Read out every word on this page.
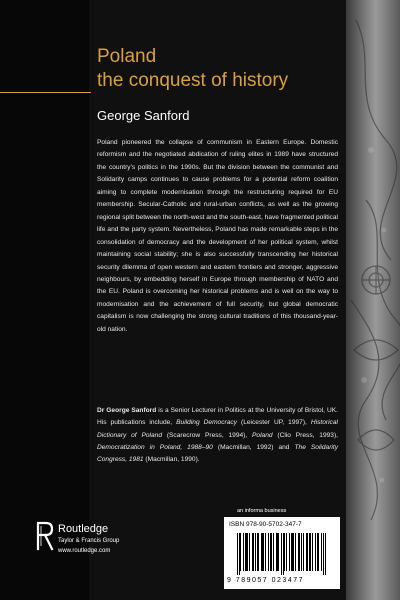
Poland
the conquest of history
George Sanford

Poland pioneered the collapse of communism in Eastern Europe. Domestic reformism and the negotiated abdication of ruling elites in 1989 have structured the country's politics in the 1990s. But the division between the communist and Solidarity camps continues to cause problems for a potential reform coalition aiming to complete modernisation through the restructuring required for EU membership. Secular-Catholic and rural-urban conflicts, as well as the growing regional split between the north-west and the south-east, have fragmented political life and the party system. Nevertheless, Poland has made remarkable steps in the consolidation of democracy and the development of her political system, whilst maintaining social stability; she is also successfully transcending her historical security dilemma of open western and eastern frontiers and stronger, aggressive neighbours, by embedding herself in Europe through membership of NATO and the EU. Poland is overcoming her historical problems and is well on the way to modernisation and the achievement of full security, but global democratic capitalism is now challenging the strong cultural traditions of this thousand-year-old nation.

Dr George Sanford is a Senior Lecturer in Politics at the University of Bristol, UK. His publications include, Building Democracy (Leicester UP, 1997), Historical Dictionary of Poland (Scarecrow Press, 1994), Poland (Clio Press, 1993), Democratization in Poland, 1988–90 (Macmillan, 1992) and The Solidarity Congress, 1981 (Macmillan, 1990).

an informa business
ISBN 978-90-5702-347-7
9 789057 023477
Routledge
Taylor & Francis Group
www.routledge.com
